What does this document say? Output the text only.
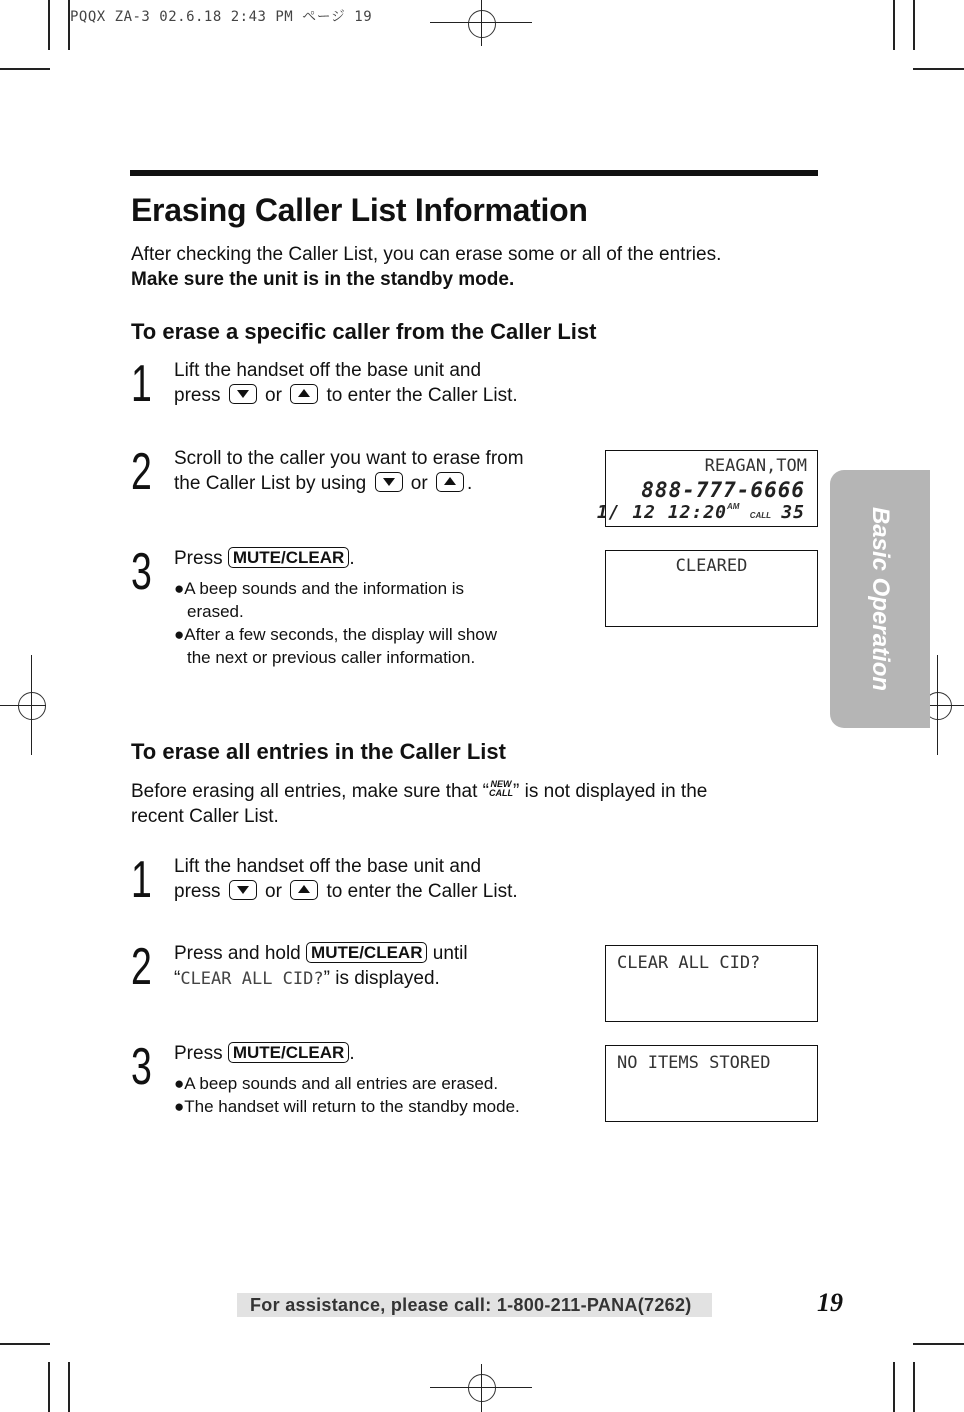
PQQX ZA-3 02.6.18 2:43 PM ページ 19
Erasing Caller List Information
After checking the Caller List, you can erase some or all of the entries.
Make sure the unit is in the standby mode.
To erase a specific caller from the Caller List
1 Lift the handset off the base unit and
press or to enter the Caller List.
2 Scroll to the caller you want to erase from
the Caller List by using or .
3 Press MUTE/CLEAR .
●A beep sounds and the information is
erased.
●After a few seconds, the display will show
the next or previous caller information.
REAGAN,TOM
888-777-6666
1/ 12 $12:20^{AM}$ CALL 35
CLEARED
To erase all entries in the Caller List
Before erasing all entries, make sure that “ NEW
CALL” is not displayed in the
recent Caller List.
1 Lift the handset off the base unit and
press or to enter the Caller List.
2 Press and hold MUTE/CLEAR until
“CLEAR ALL CID?” is displayed.
3 Press MUTE/CLEAR .
●A beep sounds and all entries are erased.
●The handset will return to the standby mode.
CLEAR ALL CID?
NO ITEMS STORED
Basic Operation
For assistance, please call: 1-800-211-PANA(7262)	19
